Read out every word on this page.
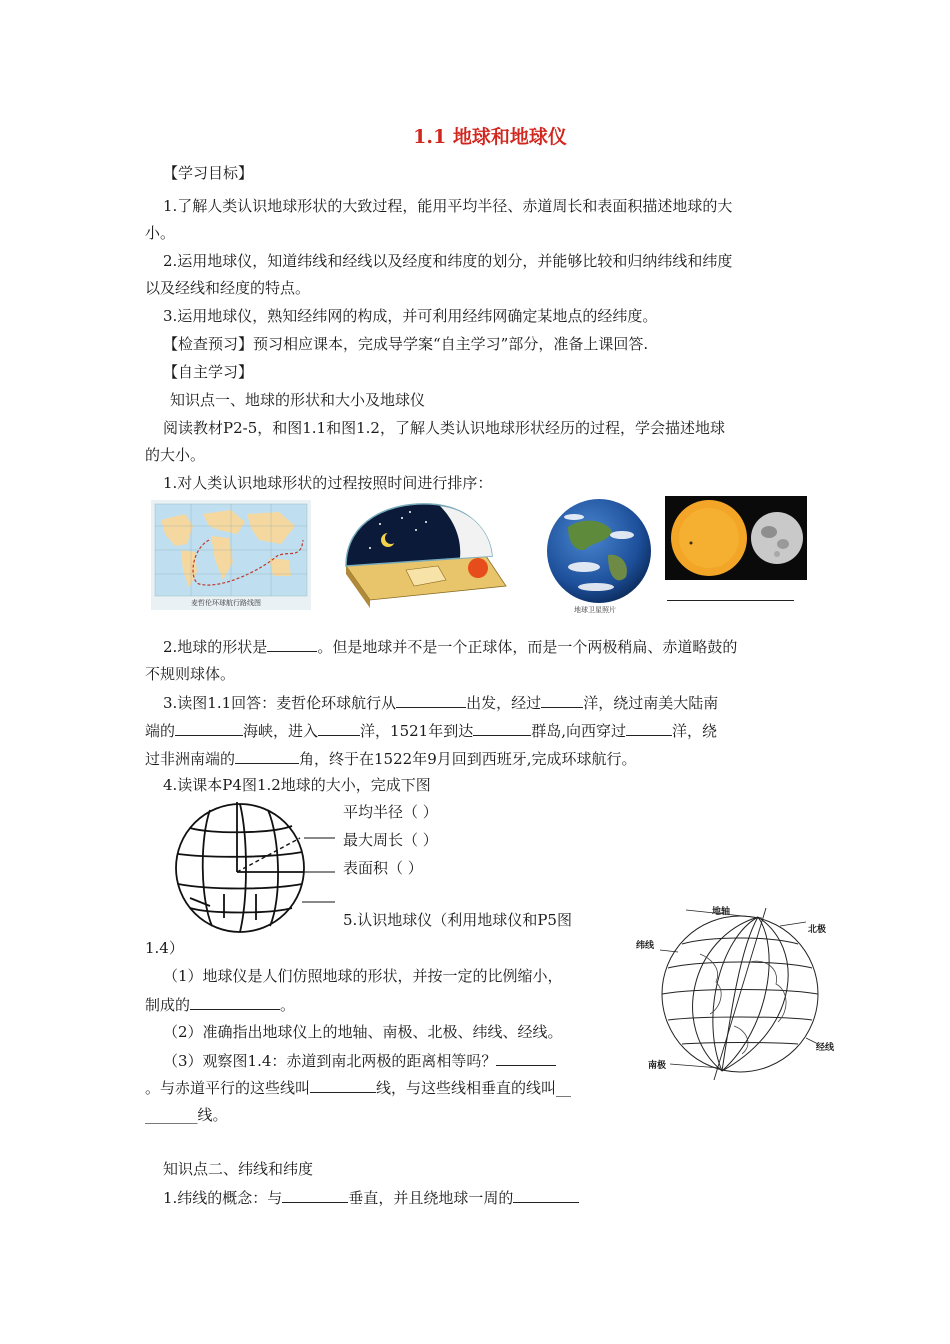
1.1 地球和地球仪
【学习目标】
1.了解人类认识地球形状的大致过程，能用平均半径、赤道周长和表面积描述地球的大
小。
2.运用地球仪，知道纬线和经线以及经度和纬度的划分，并能够比较和归纳纬线和纬度
以及经线和经度的特点。
3.运用地球仪，熟知经纬网的构成，并可利用经纬网确定某地点的经纬度。
【检查预习】预习相应课本，完成导学案“自主学习”部分，准备上课回答.
【自主学习】
知识点一、地球的形状和大小及地球仪
阅读教材P2-5，和图1.1和图1.2，了解人类认识地球形状经历的过程，学会描述地球
的大小。
1.对人类认识地球形状的过程按照时间进行排序：
麦哲伦环球航行路线图
地球卫星照片
2.地球的形状是	。但是地球并不是一个正球体，而是一个两极稍扁、赤道略鼓的
不规则球体。
3.读图1.1回答：麦哲伦环球航行从	出发，经过	洋，绕过南美大陆南
端的	海峡，进入	洋，1521年到达	群岛,向西穿过	洋，绕
过非洲南端的	角，终于在1522年9月回到西班牙,完成环球航行。
4.读课本P4图1.2地球的大小，完成下图
平均半径（ ）
最大周长（ ）
表面积（ ）
5.认识地球仪（利用地球仪和P5图
1.4）
（1）地球仪是人们仿照地球的形状，并按一定的比例缩小，
制成的	。
（2）准确指出地球仪上的地轴、南极、北极、纬线、经线。
（3）观察图1.4：赤道到南北两极的距离相等吗？
。与赤道平行的这些线叫	线，与这些线相垂直的线叫__
_______线。
地轴
北极
纬线
经线
南极
知识点二、纬线和纬度
1.纬线的概念：与	垂直，并且绕地球一周的
